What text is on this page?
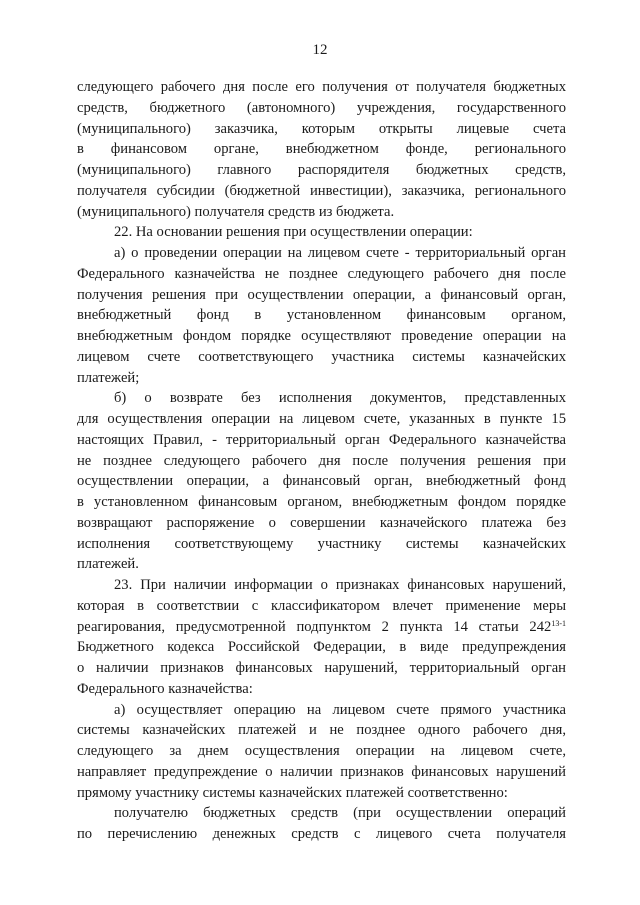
12
следующего рабочего дня после его получения от получателя бюджетных
средств, бюджетного (автономного) учреждения, государственного
(муниципального) заказчика, которым открыты лицевые счета
в финансовом органе, внебюджетном фонде, регионального
(муниципального) главного распорядителя бюджетных средств,
получателя субсидии (бюджетной инвестиции), заказчика, регионального
(муниципального) получателя средств из бюджета.
22. На основании решения при осуществлении операции:
а) о проведении операции на лицевом счете - территориальный орган
Федерального казначейства не позднее следующего рабочего дня после
получения решения при осуществлении операции, а финансовый орган,
внебюджетный фонд в установленном финансовым органом,
внебюджетным фондом порядке осуществляют проведение операции на
лицевом счете соответствующего участника системы казначейских
платежей;
б) о возврате без исполнения документов, представленных
для осуществления операции на лицевом счете, указанных в пункте 15
настоящих Правил, - территориальный орган Федерального казначейства
не позднее следующего рабочего дня после получения решения при
осуществлении операции, а финансовый орган, внебюджетный фонд
в установленном финансовым органом, внебюджетным фондом порядке
возвращают распоряжение о совершении казначейского платежа без
исполнения соответствующему участнику системы казначейских
платежей.
23. При наличии информации о признаках финансовых нарушений,
которая в соответствии с классификатором влечет применение меры
реагирования, предусмотренной подпунктом 2 пункта 14 статьи 242$^{13-1}$
Бюджетного кодекса Российской Федерации, в виде предупреждения
о наличии признаков финансовых нарушений, территориальный орган
Федерального казначейства:
а) осуществляет операцию на лицевом счете прямого участника
системы казначейских платежей и не позднее одного рабочего дня,
следующего за днем осуществления операции на лицевом счете,
направляет предупреждение о наличии признаков финансовых нарушений
прямому участнику системы казначейских платежей соответственно:
получателю бюджетных средств (при осуществлении операций
по перечислению денежных средств с лицевого счета получателя
